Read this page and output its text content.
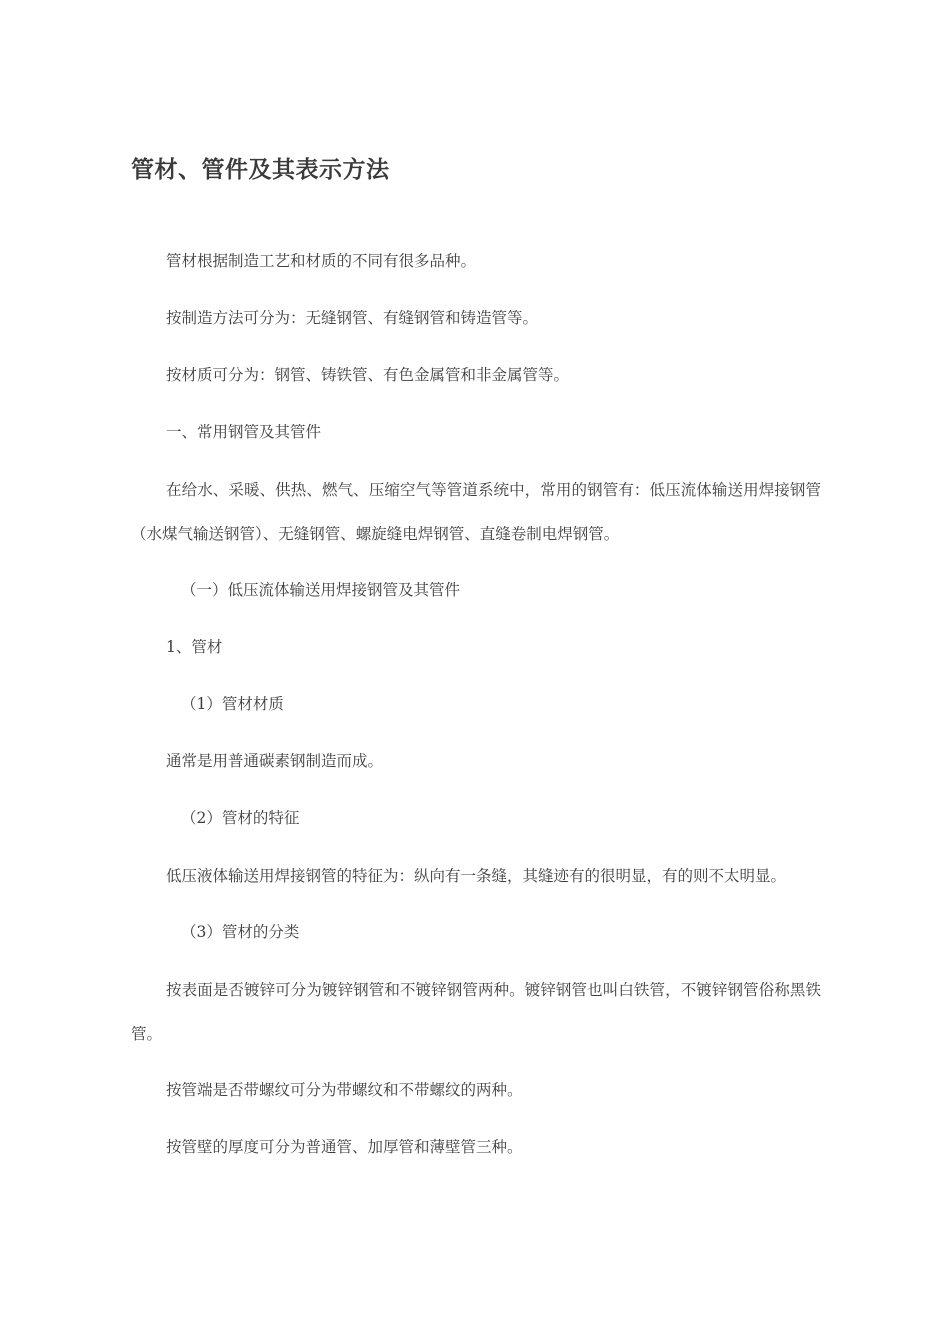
管材、管件及其表示方法

管材根据制造工艺和材质的不同有很多品种。

按制造方法可分为：无缝钢管、有缝钢管和铸造管等。

按材质可分为：钢管、铸铁管、有色金属管和非金属管等。

一、常用钢管及其管件

在给水、采暖、供热、燃气、压缩空气等管道系统中，常用的钢管有：低压流体输送用焊接钢管（水煤气输送钢管）、无缝钢管、螺旋缝电焊钢管、直缝卷制电焊钢管。

（一）低压流体输送用焊接钢管及其管件

1、管材

（1）管材材质

通常是用普通碳素钢制造而成。

（2）管材的特征

低压液体输送用焊接钢管的特征为：纵向有一条缝，其缝迹有的很明显，有的则不太明显。

（3）管材的分类

按表面是否镀锌可分为镀锌钢管和不镀锌钢管两种。镀锌钢管也叫白铁管，不镀锌钢管俗称黑铁管。

按管端是否带螺纹可分为带螺纹和不带螺纹的两种。

按管壁的厚度可分为普通管、加厚管和薄壁管三种。
